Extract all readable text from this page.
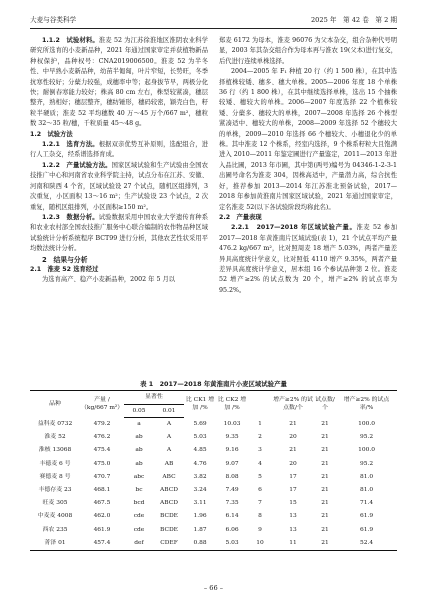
大麦与谷类科学	2025 年　第 42 卷　第 2 期

1.1.2　试验材料。淮麦 52 为江苏徐淮地区淮阴农业科学研究所选育的小麦新品种，2021 年通过国家审定并获植物新品种权保护，品种权号：CNA20190065​00。淮麦 52 为半冬性、中早熟小麦新品种，幼苗半匍匐，叶片窄短，长势旺，冬季抗寒性较好；分蘖力较强，成穗率中等；起身拔节早，两极分化快；耐倒春寒能力较好；株高 80 cm 左右，株型较紧凑，穗层整齐，熟相好；穗层整齐，穗纺锤形，穗码较密，颖壳白色，籽粒半硬质；淮麦 52 平均穗数 40 万～45 万个/667 m²，穗粒数 32～35 粒/穗，千粒质量 45～48 g。

1.2　试验方法

1.2.1　选育方法。根据双亲优势互补原则，选配组合，进行人工杂交，经系谱选择育成。

1.2.2　产量试验方法。国家区域试验和生产试验由全国农技推广中心和河南省农业科学院主持，试点分布在江苏、安徽、河南和陕西 4 个省，区域试验设 27 个试点，随机区组排列，3 次重复，小区面积 13～16 m²；生产试验设 23 个试点，2 次重复，随机区组排列，小区面积≥150 m²。

1.2.3　数据分析。试验数据采用中国农业大学遗传育种系和农业农村部全国农技推广服务中心联合编制的农作物品种区域试验统计分析系统程序 BCT99 进行分析，其他农艺性状采用平均数法统计分析。

2　结果与分析

2.1　淮麦 52 选育经过

为选育高产、稳产小麦新品种，2002 年 5 月以

郑麦 6172 为母本，淮麦 96076 为父本杂交，组合杂种代号明显，2003 年其杂交组合作为母本再与淮农 19(父本)进行复交，后代进行连续单株选择。

2004—2005 年 F₁ 种植 20 行（约 1 500 株），在其中选择植株较矮、穗多、穗大单株。2005—2006 年度 18 个单株 36 行（约 1 800 株），在其中继续选择单株，选出 15 个抽株较矮、穗较大的单株。2006—2007 年度选择 22 个植株较矮、分蘖多、穗较大的单株，2007—2008 年选择 26 个株型紧凑适中、穗较大的单株，2008—2009 年选择 52 个穗较大的单株，2009—2010 年选择 66 个穗较大、小穗退化少的单株。其中淮麦 12 个株系，经室内选择，9 个株系籽粒大且饱满进入 2010—2011 年鉴定圃进行产量鉴定，2011—2013 年进入品比圃，2013 年市圃，其中第(两号)编号为 04346-1-2-3-1 出圃号命名为淮麦 304，因株高适中，产量潜力高，综合抗性好，推荐参加 2013—2014 年江苏淮北预备试验，2017—2018 年参加黄淮南片国家区域试验，2021 年通过国家审定，定名淮麦 52(以下各试验阶段均称此名)。

2.2　产量表现

2.2.1　2017—2018 年区域试验产量。淮麦 52 参加 2017—2018 年黄淮南片区域试验(表 1)，21 个试点平均产量 476.2 kg/667 m²，比对照周麦 18 增产 5.03%，两者产量差异具高度统计学意义，比对照低 4110 增产 9.35%，两者产量差异具高度统计学意义，居本组 16 个参试品种第 2 位。淮麦 52 增产≥2% 的试点数为 20 个，增产≥2% 的试点率为 95.2%。

表 1　2017—2018 年黄淮南片小麦区域试验产量
品种	产量 /（kg/667 m²）	显著性		比 CK1 增加 /%	比 CK2 增加 /%		增产≥2% 的试点数/个	试点数/个	增产≥2% 的试点率/%
		0.05	0.01						
益科麦 0732	479.2	a	A	5.69	10.03	1	21	21	100.0
淮麦 52	476.2	ab	A	5.03	9.35	2	20	21	95.2
淮核 13068	475.4	ab	A	4.85	9.16	3	21	21	100.0
丰徳麦 6 号	475.0	ab	AB	4.76	9.07	4	20	21	95.2
赛德麦 8 号	470.7	abc	ABC	3.82	8.08	5	17	21	81.0
丰德存麦 23	468.1	bc	ABCD	3.24	7.49	6	17	21	81.0
旺麦 305	467.5	bcd	ABCD	3.11	7.35	7	15	21	71.4
中麦麦 4008	462.0	cde	BCDE	1.96	6.14	8	13	21	61.9
西农 235	461.9	cde	BCDE	1.87	6.06	9	13	21	61.9
菁泽 01	457.4	def	CDEF	0.88	5.03	10	11	21	52.4
– 66 –
